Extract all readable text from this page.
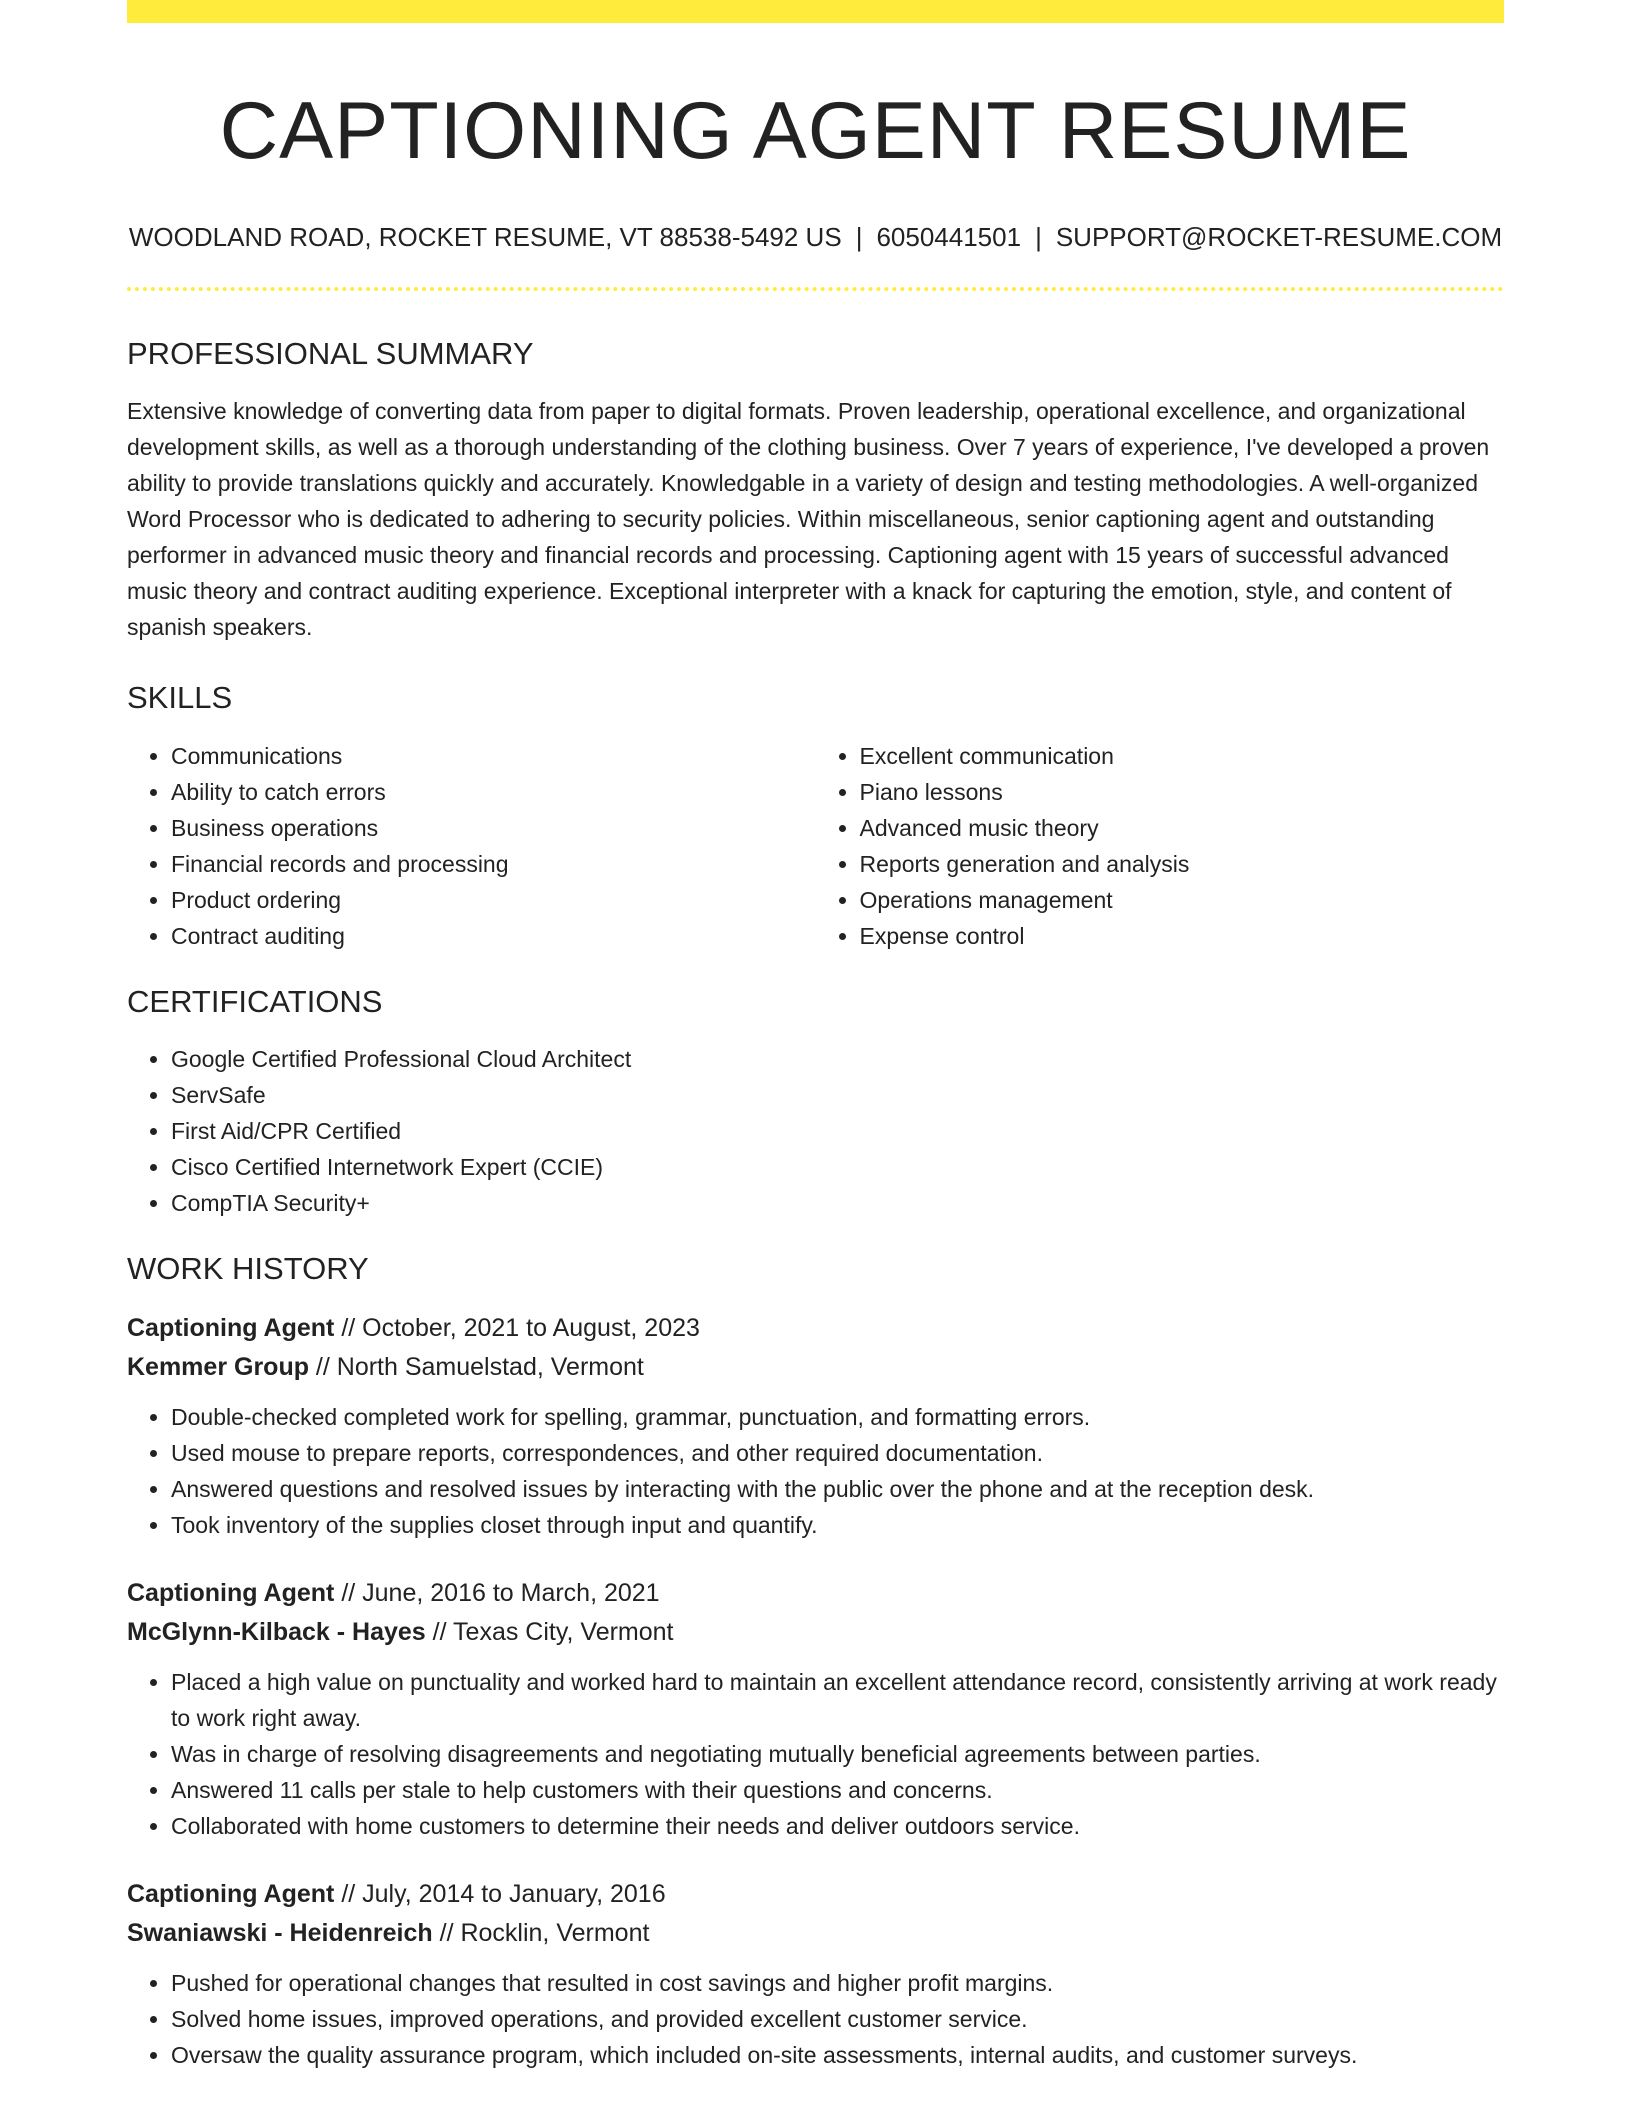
CAPTIONING AGENT RESUME
WOODLAND ROAD, ROCKET RESUME, VT 88538-5492 US | 6050441501 | SUPPORT@ROCKET-RESUME.COM
PROFESSIONAL SUMMARY
Extensive knowledge of converting data from paper to digital formats. Proven leadership, operational excellence, and organizational development skills, as well as a thorough understanding of the clothing business. Over 7 years of experience, I've developed a proven ability to provide translations quickly and accurately. Knowledgable in a variety of design and testing methodologies. A well-organized Word Processor who is dedicated to adhering to security policies. Within miscellaneous, senior captioning agent and outstanding performer in advanced music theory and financial records and processing. Captioning agent with 15 years of successful advanced music theory and contract auditing experience. Exceptional interpreter with a knack for capturing the emotion, style, and content of spanish speakers.
SKILLS
• Communications
• Ability to catch errors
• Business operations
• Financial records and processing
• Product ordering
• Contract auditing
• Excellent communication
• Piano lessons
• Advanced music theory
• Reports generation and analysis
• Operations management
• Expense control
CERTIFICATIONS
• Google Certified Professional Cloud Architect
• ServSafe
• First Aid/CPR Certified
• Cisco Certified Internetwork Expert (CCIE)
• CompTIA Security+
WORK HISTORY
Captioning Agent // October, 2021 to August, 2023
Kemmer Group // North Samuelstad, Vermont
• Double-checked completed work for spelling, grammar, punctuation, and formatting errors.
• Used mouse to prepare reports, correspondences, and other required documentation.
• Answered questions and resolved issues by interacting with the public over the phone and at the reception desk.
• Took inventory of the supplies closet through input and quantify.
Captioning Agent // June, 2016 to March, 2021
McGlynn-Kilback - Hayes // Texas City, Vermont
• Placed a high value on punctuality and worked hard to maintain an excellent attendance record, consistently arriving at work ready to work right away.
• Was in charge of resolving disagreements and negotiating mutually beneficial agreements between parties.
• Answered 11 calls per stale to help customers with their questions and concerns.
• Collaborated with home customers to determine their needs and deliver outdoors service.
Captioning Agent // July, 2014 to January, 2016
Swaniawski - Heidenreich // Rocklin, Vermont
• Pushed for operational changes that resulted in cost savings and higher profit margins.
• Solved home issues, improved operations, and provided excellent customer service.
• Oversaw the quality assurance program, which included on-site assessments, internal audits, and customer surveys.
